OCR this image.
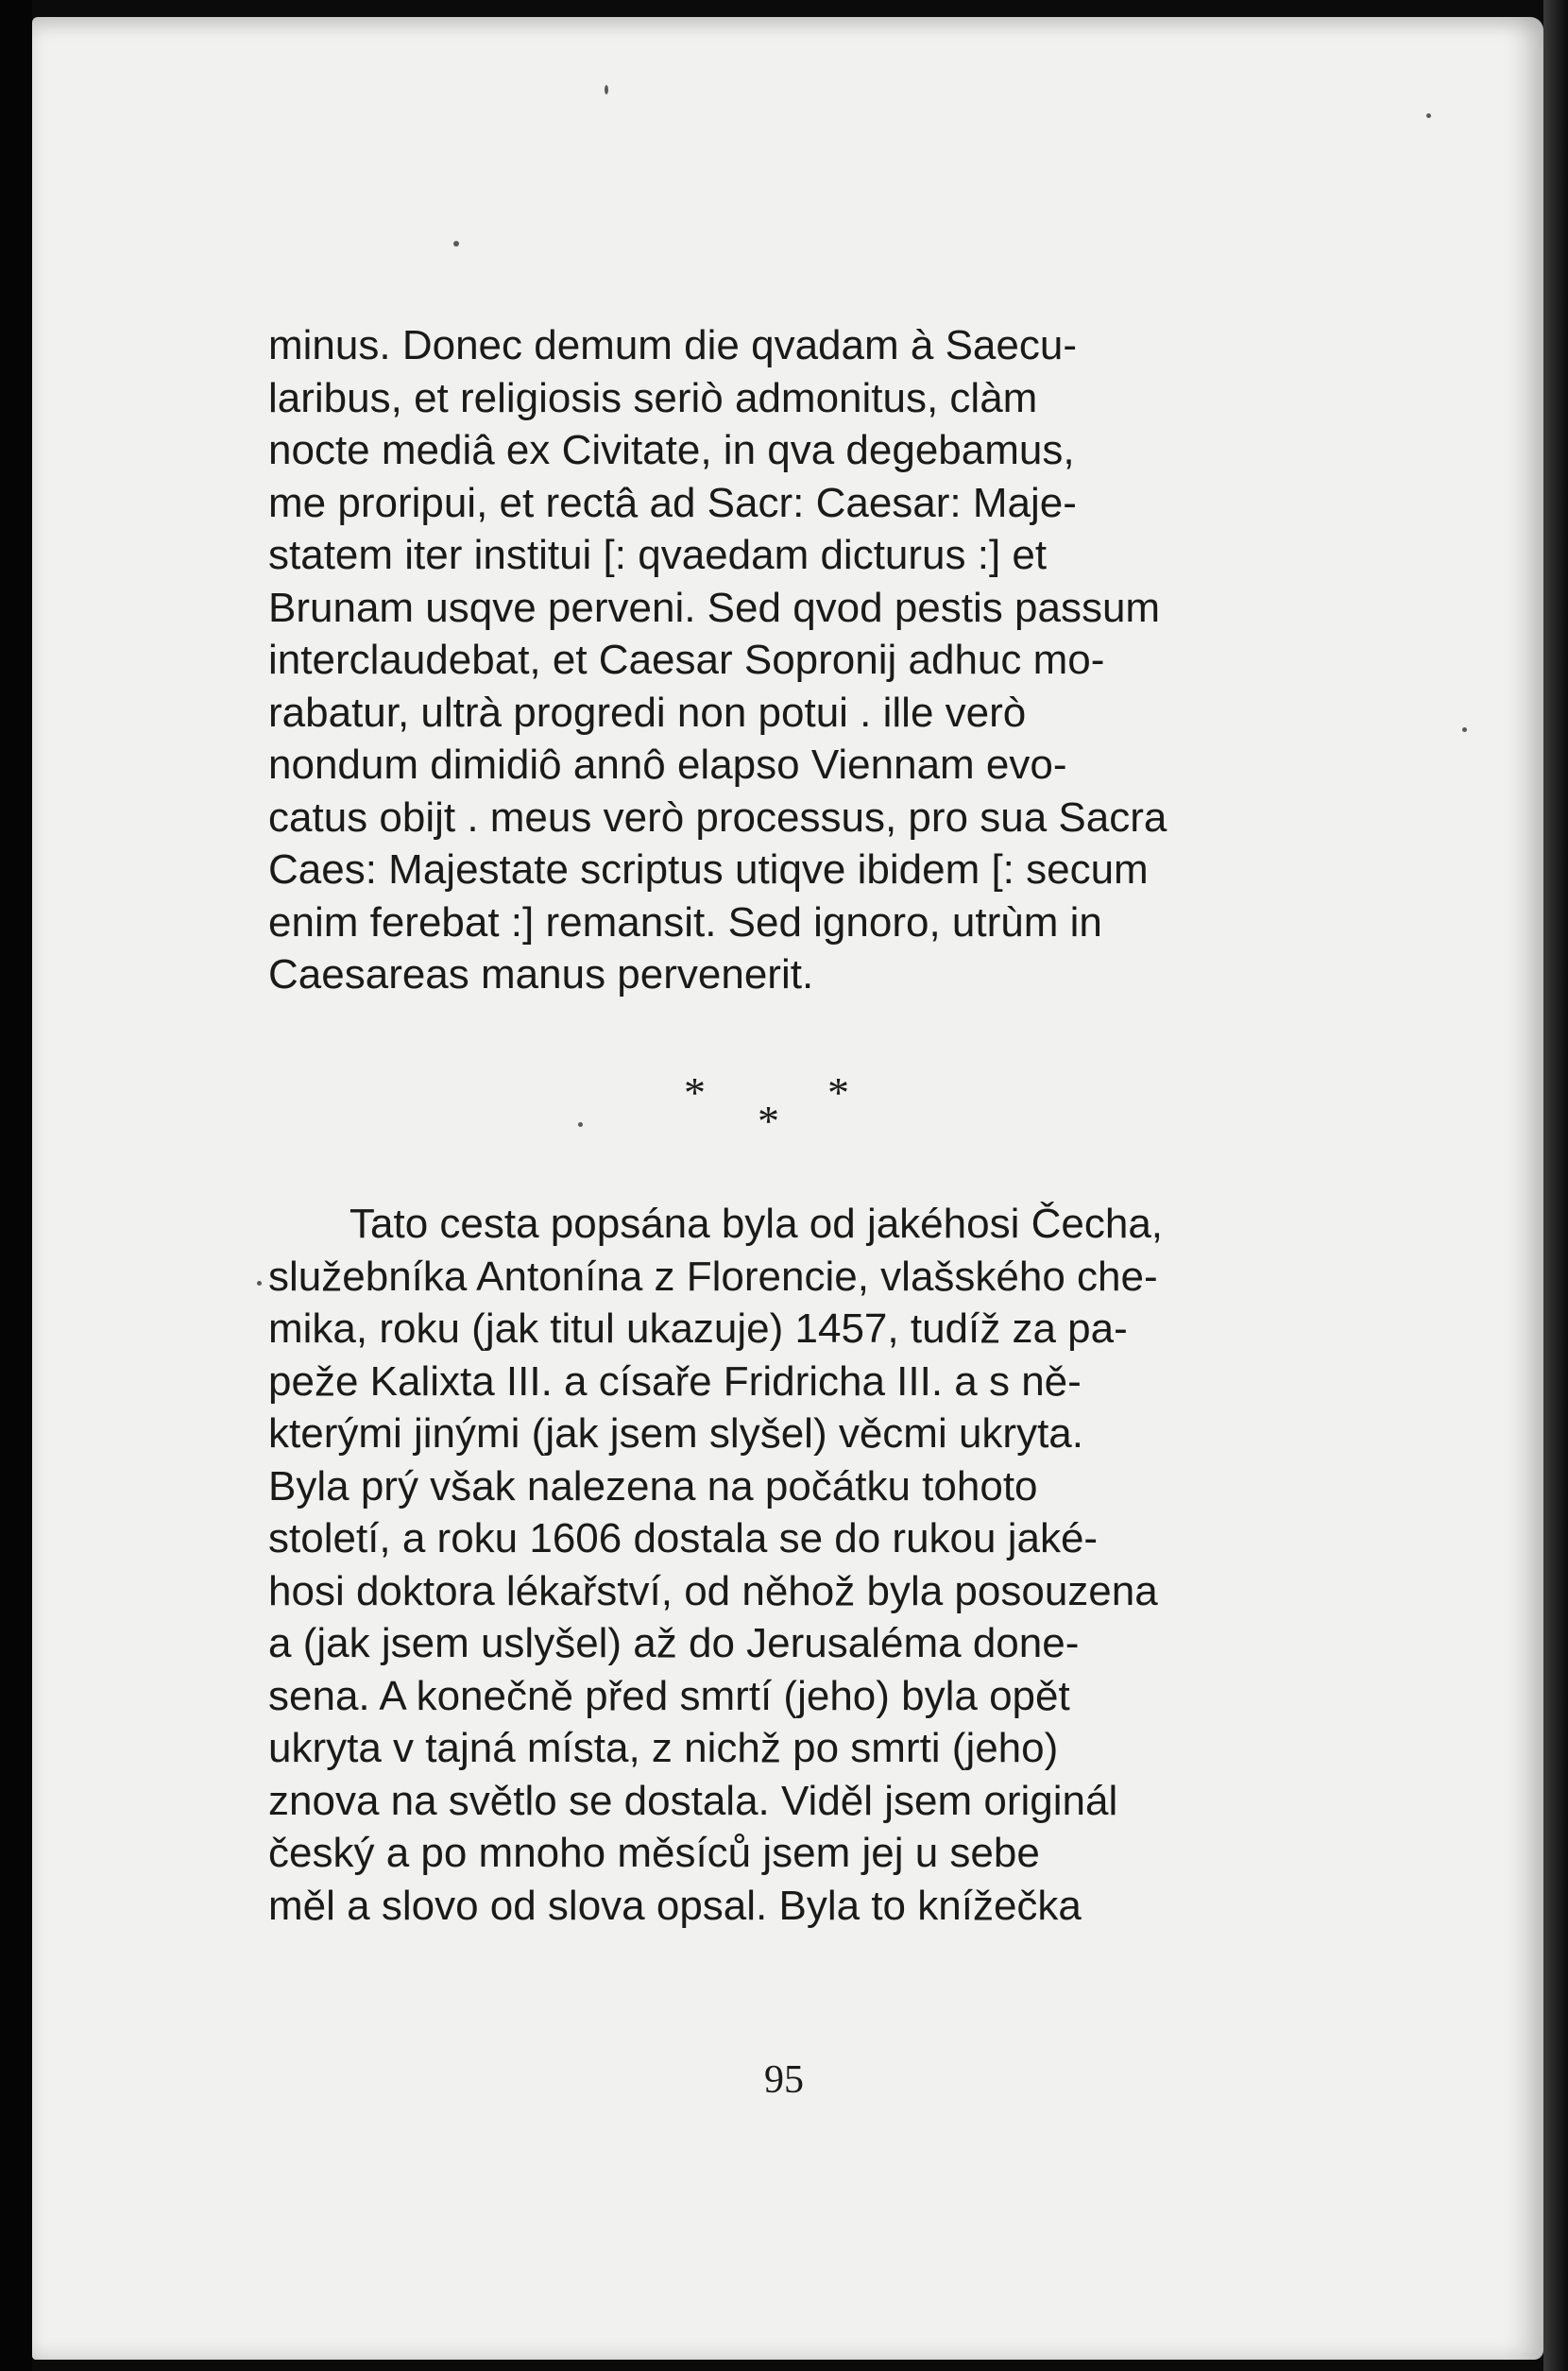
minus. Donec demum die qvadam à Saecu-

laribus, et religiosis seriò admonitus, clàm

nocte mediâ ex Civitate, in qva degebamus,

me proripui, et rectâ ad Sacr: Caesar: Maje-

statem iter institui [: qvaedam dicturus :] et

Brunam usqve perveni. Sed qvod pestis passum

interclaudebat, et Caesar Sopronij adhuc mo-

rabatur, ultrà progredi non potui . ille verò

nondum dimidiô annô elapso Viennam evo-

catus obijt . meus verò processus, pro sua Sacra

Caes: Majestate scriptus utiqve ibidem [: secum

enim ferebat :] remansit. Sed ignoro, utrùm in

Caesareas manus pervenerit.

*
*
*

Tato cesta popsána byla od jakéhosi Čecha,

služebníka Antonína z Florencie, vlašského che-

mika, roku (jak titul ukazuje) 1457, tudíž za pa-

peže Kalixta III. a císaře Fridricha III. a s ně-

kterými jinými (jak jsem slyšel) věcmi ukryta.

Byla prý však nalezena na počátku tohoto

století, a roku 1606 dostala se do rukou jaké-

hosi doktora lékařství, od něhož byla posouzena

a (jak jsem uslyšel) až do Jerusaléma done-

sena. A konečně před smrtí (jeho) byla opět

ukryta v tajná místa, z nichž po smrti (jeho)

znova na světlo se dostala. Viděl jsem originál

český a po mnoho měsíců jsem jej u sebe

měl a slovo od slova opsal. Byla to knížečka

95
